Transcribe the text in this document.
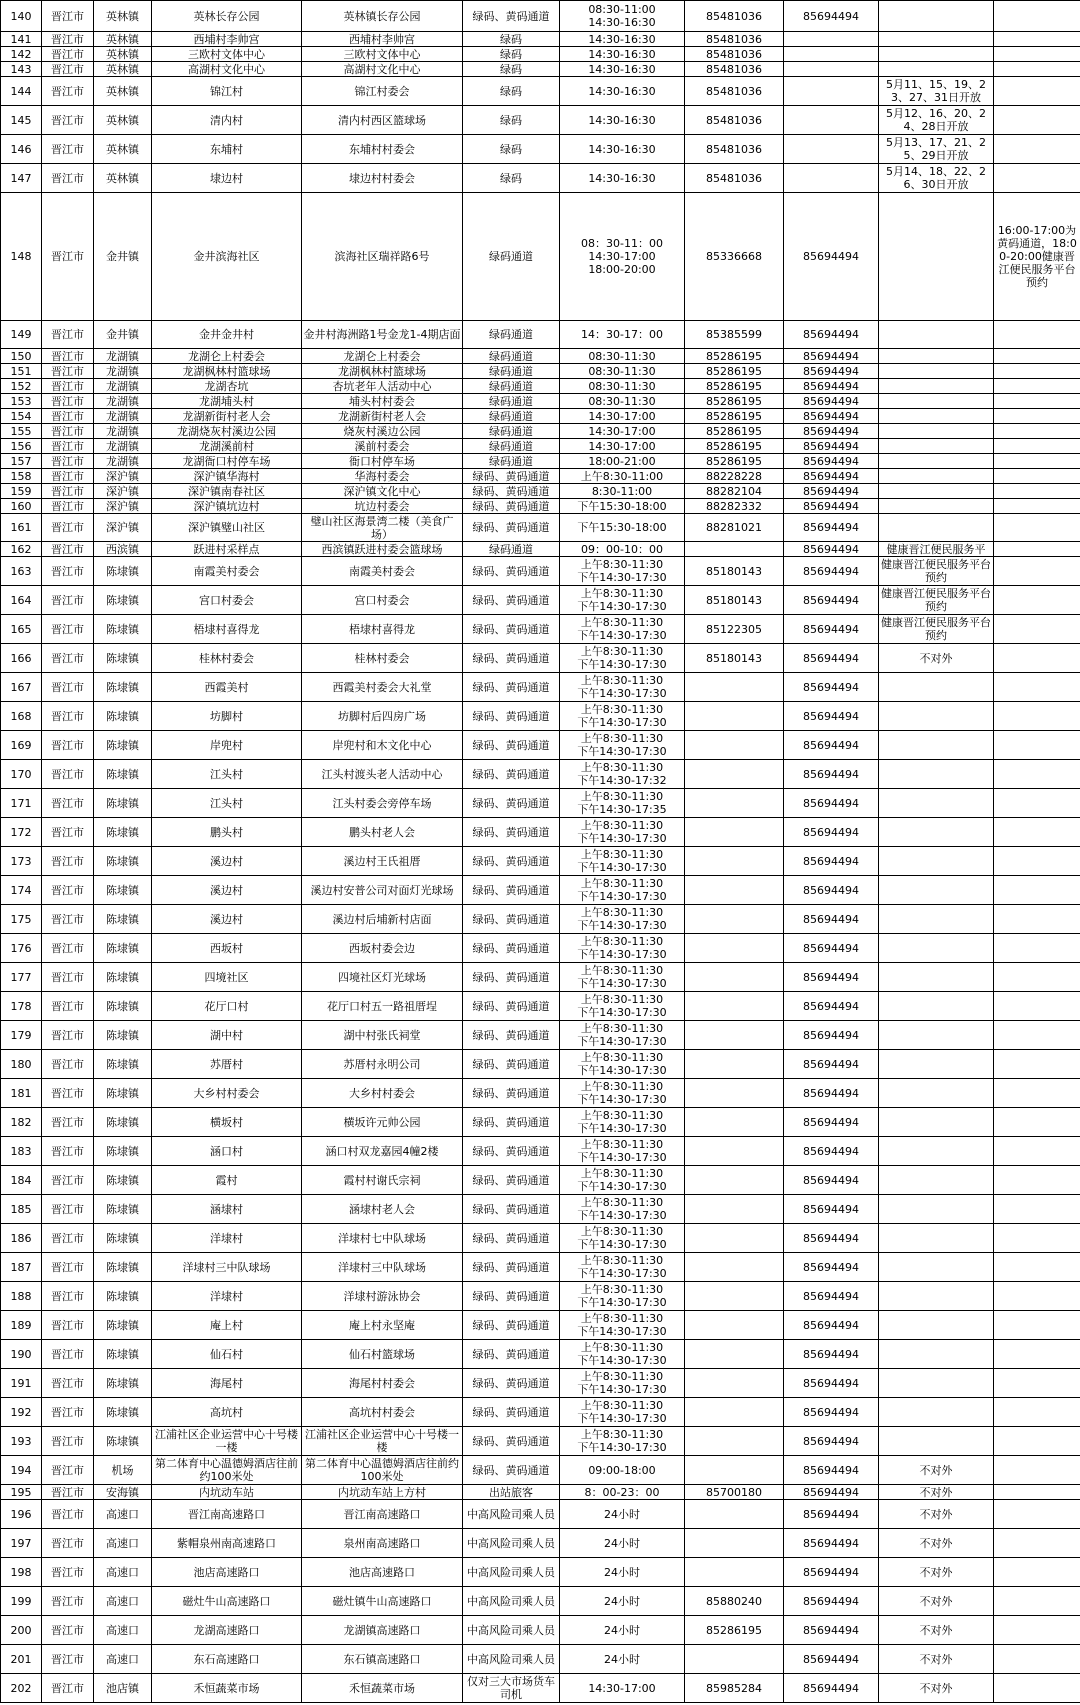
140	晋江市	英林镇	英林长存公园	英林镇长存公园	绿码、黄码通道	08:30-11:00
14:30-16:30	85481036	85694494		
141	晋江市	英林镇	西埔村李帅宫	西埔村李帅宫	绿码	14:30-16:30	85481036			
142	晋江市	英林镇	三欧村文体中心	三欧村文体中心	绿码	14:30-16:30	85481036			
143	晋江市	英林镇	高湖村文化中心	高湖村文化中心	绿码	14:30-16:30	85481036			
144	晋江市	英林镇	锦江村	锦江村委会	绿码	14:30-16:30	85481036		5月11、15、19、23、27、31日开放	
145	晋江市	英林镇	清内村	清内村西区篮球场	绿码	14:30-16:30	85481036		5月12、16、20、24、28日开放	
146	晋江市	英林镇	东埔村	东埔村村委会	绿码	14:30-16:30	85481036		5月13、17、21、25、29日开放	
147	晋江市	英林镇	埭边村	埭边村村委会	绿码	14:30-16:30	85481036		5月14、18、22、26、30日开放	
148	晋江市	金井镇	金井滨海社区	滨海社区瑞祥路6号	绿码通道	08：30-11：00
14:30-17:00
18:00-20:00	85336668	85694494		16:00-17:00为黄码通道，18:00-20:00健康晋江便民服务平台预约
149	晋江市	金井镇	金井金井村	金井村海洲路1号金龙1-4期店面	绿码通道	14：30-17：00	85385599	85694494		
150	晋江市	龙湖镇	龙湖仑上村委会	龙湖仑上村委会	绿码通道	08:30-11:30	85286195	85694494		
151	晋江市	龙湖镇	龙湖枫林村篮球场	龙湖枫林村篮球场	绿码通道	08:30-11:30	85286195	85694494		
152	晋江市	龙湖镇	龙湖杏坑	杏坑老年人活动中心	绿码通道	08:30-11:30	85286195	85694494		
153	晋江市	龙湖镇	龙湖埔头村	埔头村村委会	绿码通道	08:30-11:30	85286195	85694494		
154	晋江市	龙湖镇	龙湖新街村老人会	龙湖新街村老人会	绿码通道	14:30-17:00	85286195	85694494		
155	晋江市	龙湖镇	龙湖烧灰村溪边公园	烧灰村溪边公园	绿码通道	14:30-17:00	85286195	85694494		
156	晋江市	龙湖镇	龙湖溪前村	溪前村委会	绿码通道	14:30-17:00	85286195	85694494		
157	晋江市	龙湖镇	龙湖衙口村停车场	衙口村停车场	绿码通道	18:00-21:00	85286195	85694494		
158	晋江市	深沪镇	深沪镇华海村	华海村委会	绿码、黄码通道	上午8:30-11:00	88228228	85694494		
159	晋江市	深沪镇	深沪镇南春社区	深沪镇文化中心	绿码、黄码通道	8:30-11:00	88282104	85694494		
160	晋江市	深沪镇	深沪镇坑边村	坑边村委会	绿码、黄码通道	下午15:30-18:00	88282332	85694494		
161	晋江市	深沪镇	深沪镇璧山社区	璧山社区海景湾二楼（美食广场）	绿码、黄码通道	下午15:30-18:00	88281021	85694494		
162	晋江市	西滨镇	跃进村采样点	西滨镇跃进村委会篮球场	绿码通道	09：00-10：00		85694494	健康晋江便民服务平	
163	晋江市	陈埭镇	南霞美村委会	南霞美村委会	绿码、黄码通道	上午8:30-11:30
下午14:30-17:30	85180143	85694494	健康晋江便民服务平台预约	
164	晋江市	陈埭镇	宫口村委会	宫口村委会	绿码、黄码通道	上午8:30-11:30
下午14:30-17:30	85180143	85694494	健康晋江便民服务平台预约	
165	晋江市	陈埭镇	梧埭村喜得龙	梧埭村喜得龙	绿码、黄码通道	上午8:30-11:30
下午14:30-17:30	85122305	85694494	健康晋江便民服务平台预约	
166	晋江市	陈埭镇	桂林村委会	桂林村委会	绿码、黄码通道	上午8:30-11:30
下午14:30-17:30	85180143	85694494	不对外	
167	晋江市	陈埭镇	西霞美村	西霞美村委会大礼堂	绿码、黄码通道	上午8:30-11:30
下午14:30-17:30		85694494		
168	晋江市	陈埭镇	坊脚村	坊脚村后四房广场	绿码、黄码通道	上午8:30-11:30
下午14:30-17:30		85694494		
169	晋江市	陈埭镇	岸兜村	岸兜村和木文化中心	绿码、黄码通道	上午8:30-11:30
下午14:30-17:30		85694494		
170	晋江市	陈埭镇	江头村	江头村渡头老人活动中心	绿码、黄码通道	上午8:30-11:30
下午14:30-17:32		85694494		
171	晋江市	陈埭镇	江头村	江头村委会旁停车场	绿码、黄码通道	上午8:30-11:30
下午14:30-17:35		85694494		
172	晋江市	陈埭镇	鹏头村	鹏头村老人会	绿码、黄码通道	上午8:30-11:30
下午14:30-17:30		85694494		
173	晋江市	陈埭镇	溪边村	溪边村王氏祖厝	绿码、黄码通道	上午8:30-11:30
下午14:30-17:30		85694494		
174	晋江市	陈埭镇	溪边村	溪边村安普公司对面灯光球场	绿码、黄码通道	上午8:30-11:30
下午14:30-17:30		85694494		
175	晋江市	陈埭镇	溪边村	溪边村后埔新村店面	绿码、黄码通道	上午8:30-11:30
下午14:30-17:30		85694494		
176	晋江市	陈埭镇	西坂村	西坂村委会边	绿码、黄码通道	上午8:30-11:30
下午14:30-17:30		85694494		
177	晋江市	陈埭镇	四境社区	四境社区灯光球场	绿码、黄码通道	上午8:30-11:30
下午14:30-17:30		85694494		
178	晋江市	陈埭镇	花厅口村	花厅口村五一路祖厝埕	绿码、黄码通道	上午8:30-11:30
下午14:30-17:30		85694494		
179	晋江市	陈埭镇	湖中村	湖中村张氏祠堂	绿码、黄码通道	上午8:30-11:30
下午14:30-17:30		85694494		
180	晋江市	陈埭镇	苏厝村	苏厝村永明公司	绿码、黄码通道	上午8:30-11:30
下午14:30-17:30		85694494		
181	晋江市	陈埭镇	大乡村村委会	大乡村村委会	绿码、黄码通道	上午8:30-11:30
下午14:30-17:30		85694494		
182	晋江市	陈埭镇	横坂村	横坂许元帅公园	绿码、黄码通道	上午8:30-11:30
下午14:30-17:30		85694494		
183	晋江市	陈埭镇	涵口村	涵口村双龙嘉园4幢2楼	绿码、黄码通道	上午8:30-11:30
下午14:30-17:30		85694494		
184	晋江市	陈埭镇	霞村	霞村村谢氏宗祠	绿码、黄码通道	上午8:30-11:30
下午14:30-17:30		85694494		
185	晋江市	陈埭镇	涵埭村	涵埭村老人会	绿码、黄码通道	上午8:30-11:30
下午14:30-17:30		85694494		
186	晋江市	陈埭镇	洋埭村	洋埭村七中队球场	绿码、黄码通道	上午8:30-11:30
下午14:30-17:30		85694494		
187	晋江市	陈埭镇	洋埭村三中队球场	洋埭村三中队球场	绿码、黄码通道	上午8:30-11:30
下午14:30-17:30		85694494		
188	晋江市	陈埭镇	洋埭村	洋埭村游泳协会	绿码、黄码通道	上午8:30-11:30
下午14:30-17:30		85694494		
189	晋江市	陈埭镇	庵上村	庵上村永坚庵	绿码、黄码通道	上午8:30-11:30
下午14:30-17:30		85694494		
190	晋江市	陈埭镇	仙石村	仙石村篮球场	绿码、黄码通道	上午8:30-11:30
下午14:30-17:30		85694494		
191	晋江市	陈埭镇	海尾村	海尾村村委会	绿码、黄码通道	上午8:30-11:30
下午14:30-17:30		85694494		
192	晋江市	陈埭镇	高坑村	高坑村村委会	绿码、黄码通道	上午8:30-11:30
下午14:30-17:30		85694494		
193	晋江市	陈埭镇	江浦社区企业运营中心十号楼一楼	江浦社区企业运营中心十号楼一楼	绿码、黄码通道	上午8:30-11:30
下午14:30-17:30		85694494		
194	晋江市	机场	第二体育中心温德姆酒店往前约100米处	第二体育中心温德姆酒店往前约100米处	绿码、黄码通道	09:00-18:00		85694494	不对外	
195	晋江市	安海镇	内坑动车站	内坑动车站上方村	出站旅客	8：00-23：00	85700180	85694494	不对外	
196	晋江市	高速口	晋江南高速路口	晋江南高速路口	中高风险司乘人员	24小时		85694494	不对外	
197	晋江市	高速口	紫帽泉州南高速路口	泉州南高速路口	中高风险司乘人员	24小时		85694494	不对外	
198	晋江市	高速口	池店高速路口	池店高速路口	中高风险司乘人员	24小时		85694494	不对外	
199	晋江市	高速口	磁灶牛山高速路口	磁灶镇牛山高速路口	中高风险司乘人员	24小时	85880240	85694494	不对外	
200	晋江市	高速口	龙湖高速路口	龙湖镇高速路口	中高风险司乘人员	24小时	85286195	85694494	不对外	
201	晋江市	高速口	东石高速路口	东石镇高速路口	中高风险司乘人员	24小时		85694494	不对外	
202	晋江市	池店镇	禾恒蔬菜市场	禾恒蔬菜市场	仅对三大市场货车司机	14:30-17:00	85985284	85694494	不对外	
